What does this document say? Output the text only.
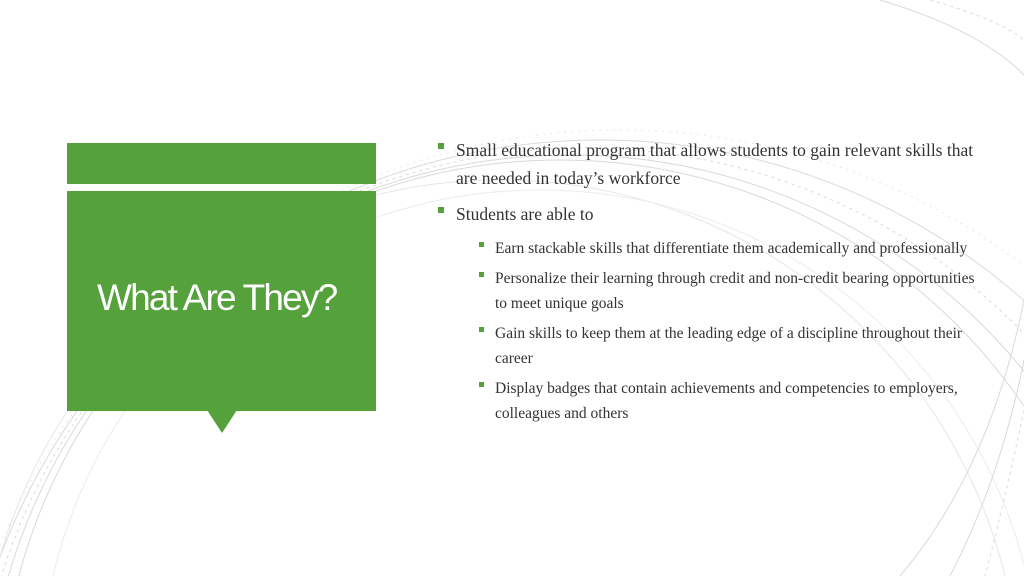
What Are They?
Small educational program that allows students to gain relevant skills that are needed in today’s workforce
Students are able to
Earn stackable skills that differentiate them academically and professionally
Personalize their learning through credit and non-credit bearing opportunities to meet unique goals
Gain skills to keep them at the leading edge of a discipline throughout their career
Display badges that contain achievements and competencies to employers, colleagues and others
